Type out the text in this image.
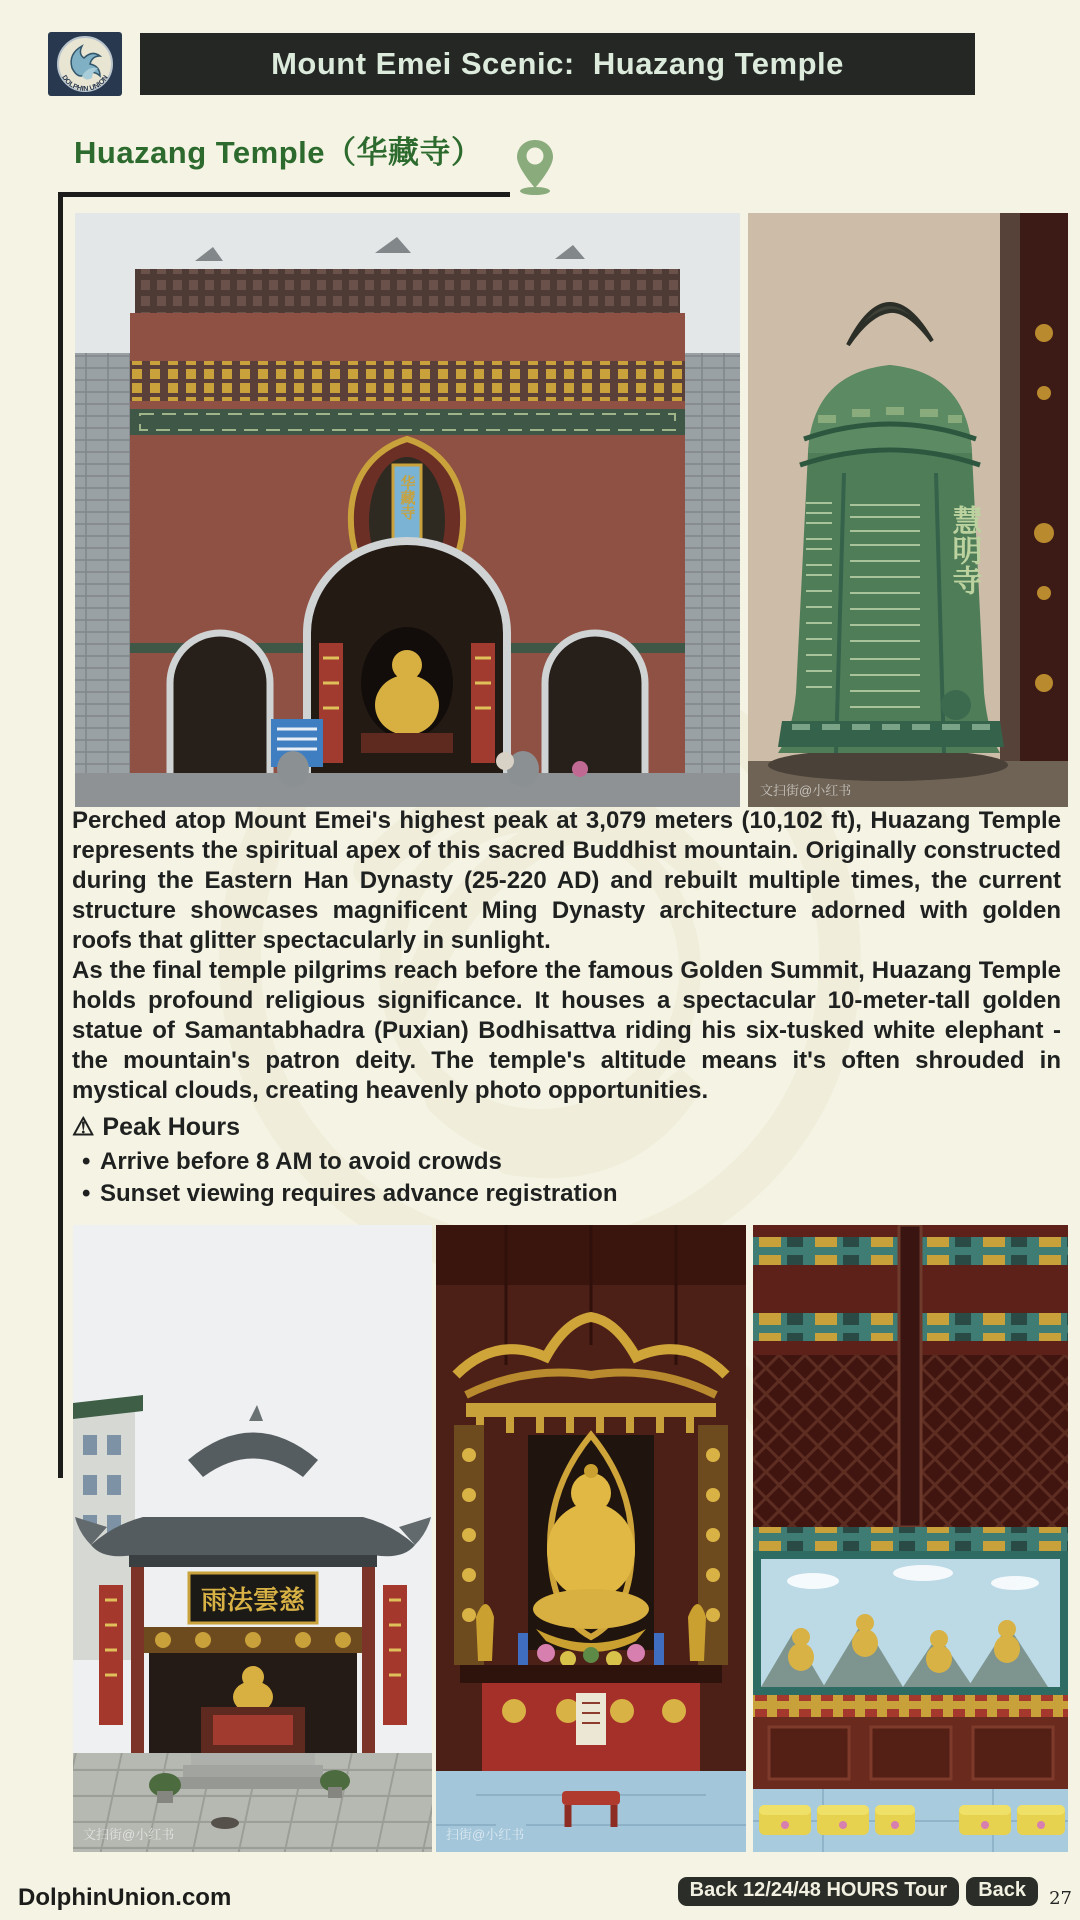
DOLPHIN UNION	Mount Emei Scenic:  Huazang Temple
Huazang Temple（华藏寺）
华藏寺
慧明寺
文扫街@小红书

Perched atop Mount Emei's highest peak at 3,079 meters (10,102 ft), Huazang Temple represents the spiritual apex of this sacred Buddhist mountain. Originally constructed during the Eastern Han Dynasty (25-220 AD) and rebuilt multiple times, the current structure showcases magnificent Ming Dynasty architecture adorned with golden roofs that glitter spectacularly in sunlight.

As the final temple pilgrims reach before the famous Golden Summit, Huazang Temple holds profound religious significance. It houses a spectacular 10-meter-tall golden statue of Samantabhadra (Puxian) Bodhisattva riding his six-tusked white elephant - the mountain's patron deity. The temple's altitude means it's often shrouded in mystical clouds, creating heavenly photo opportunities.

⚠ Peak Hours
• Arrive before 8 AM to avoid crowds
• Sunset viewing requires advance registration
雨法雲慈
文扫街@小红书	扫街@小红书
DolphinUnion.com	Back 12/24/48 HOURS Tour	Back	27
